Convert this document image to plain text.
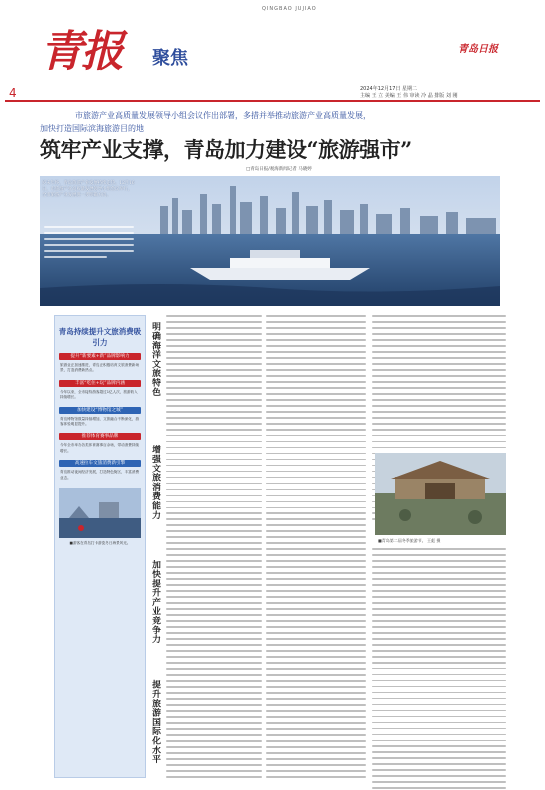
QINGBAO JUJIAO
青报	聚焦	青岛日报
4	2024年12月17日 星期二
主编 王 立 美编 王 伟 审读 冷 晶 排版 刘 刚
市旅游产业高质量发展领导小组会议作出部署，多措并举推动旅游产业高质量发展，
加快打造国际滨海旅游目的地
筑牢产业支撑，青岛加力建设“旅游强市”
□青岛日报/观海新闻记者 马晓婷
岁末年终，青岛旅游产业发展持续走热。12月16日，市旅游产业高质量发展领导小组会议举行，全市旅游产业发展进一步明确方向。
青岛持续提升文旅消费吸引力
提升“新要素+新”品牌影响力
旅游业正加速推进，青岛正积极培育文旅消费新场景，打造消费新热点。
丰富“吃住+玩”品牌内涵
今年以来，全市接待游客超过1亿人次，旅游收入持续增长。
加快建设“博物馆之城”
青岛博物馆数量持续增加，文旅融合不断深化，游客体验明显提升。
推荐体育赛事品牌
今年全市举办各类体育赛事百余场，带动消费持续增长。
高速拉车文旅消费新引擎
青岛推动夜间经济发展，打造特色街区，丰富消费业态。
■游客在青岛打卡游览冬日海景风光。
明确海洋文旅特色
增强文旅消费能力
加快提升产业竞争力
提升旅游国际化水平
■青岛第二届冬季旅游节。 王彪 摄
